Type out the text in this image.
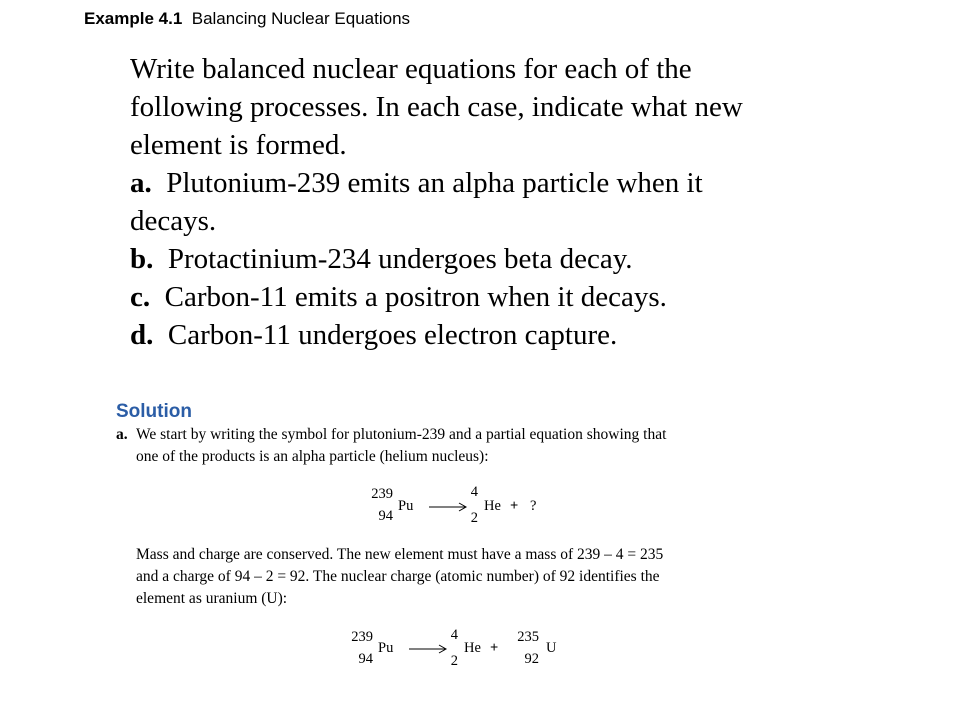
Example 4.1 Balancing Nuclear Equations
Write balanced nuclear equations for each of the
following processes. In each case, indicate what new
element is formed.
a. Plutonium-239 emits an alpha particle when it
decays.
b. Protactinium-234 undergoes beta decay.
c. Carbon-11 emits a positron when it decays.
d. Carbon-11 undergoes electron capture.
Solution
a. We start by writing the symbol for plutonium-239 and a partial equation showing that
one of the products is an alpha particle (helium nucleus):
239
94
Pu →
4
2
He + ?
Mass and charge are conserved. The new element must have a mass of 239 – 4 = 235
and a charge of 94 – 2 = 92. The nuclear charge (atomic number) of 92 identifies the
element as uranium (U):
239
94
Pu →
4
2
He +
235
92
U
